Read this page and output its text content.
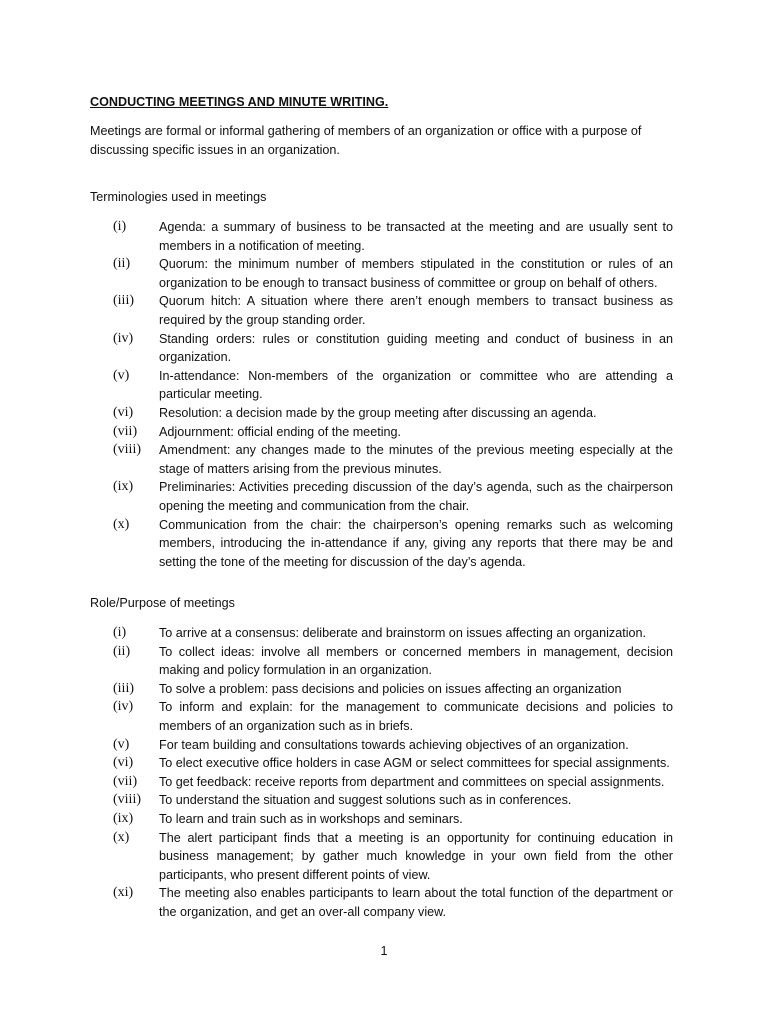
CONDUCTING MEETINGS AND MINUTE WRITING.
Meetings are formal or informal gathering of members of an organization or office with a purpose of discussing specific issues in an organization.
Terminologies used in meetings
(i)	Agenda: a summary of business to be transacted at the meeting and are usually sent to members in a notification of meeting.
(ii) Quorum: the minimum number of members stipulated in the constitution or rules of an organization to be enough to transact business of committee or group on behalf of others.
(iii) Quorum hitch: A situation where there aren’t enough members to transact business as required by the group standing order.
(iv) Standing orders: rules or constitution guiding meeting and conduct of business in an organization.
(v) In-attendance: Non-members of the organization or committee who are attending a particular meeting.
(vi) Resolution: a decision made by the group meeting after discussing an agenda.
(vii) Adjournment: official ending of the meeting.
(viii) Amendment: any changes made to the minutes of the previous meeting especially at the stage of matters arising from the previous minutes.
(ix) Preliminaries: Activities preceding discussion of the day’s agenda, such as the chairperson opening the meeting and communication from the chair.
(x) Communication from the chair: the chairperson’s opening remarks such as welcoming members, introducing the in-attendance if any, giving any reports that there may be and setting the tone of the meeting for discussion of the day’s agenda.
Role/Purpose of meetings
(i)	To arrive at a consensus: deliberate and brainstorm on issues affecting an organization.
(ii) To collect ideas: involve all members or concerned members in management, decision making and policy formulation in an organization.
(iii) To solve a problem: pass decisions and policies on issues affecting an organization
(iv) To inform and explain: for the management to communicate decisions and policies to members of an organization such as in briefs.
(v) For team building and consultations towards achieving objectives of an organization.
(vi) To elect executive office holders in case AGM or select committees for special assignments.
(vii) To get feedback: receive reports from department and committees on special assignments.
(viii) To understand the situation and suggest solutions such as in conferences.
(ix) To learn and train such as in workshops and seminars.
(x) The alert participant finds that a meeting is an opportunity for continuing education in business management; by gather much knowledge in your own field from the other participants, who present different points of view.
(xi) The meeting also enables participants to learn about the total function of the department or the organization, and get an over-all company view.
1
